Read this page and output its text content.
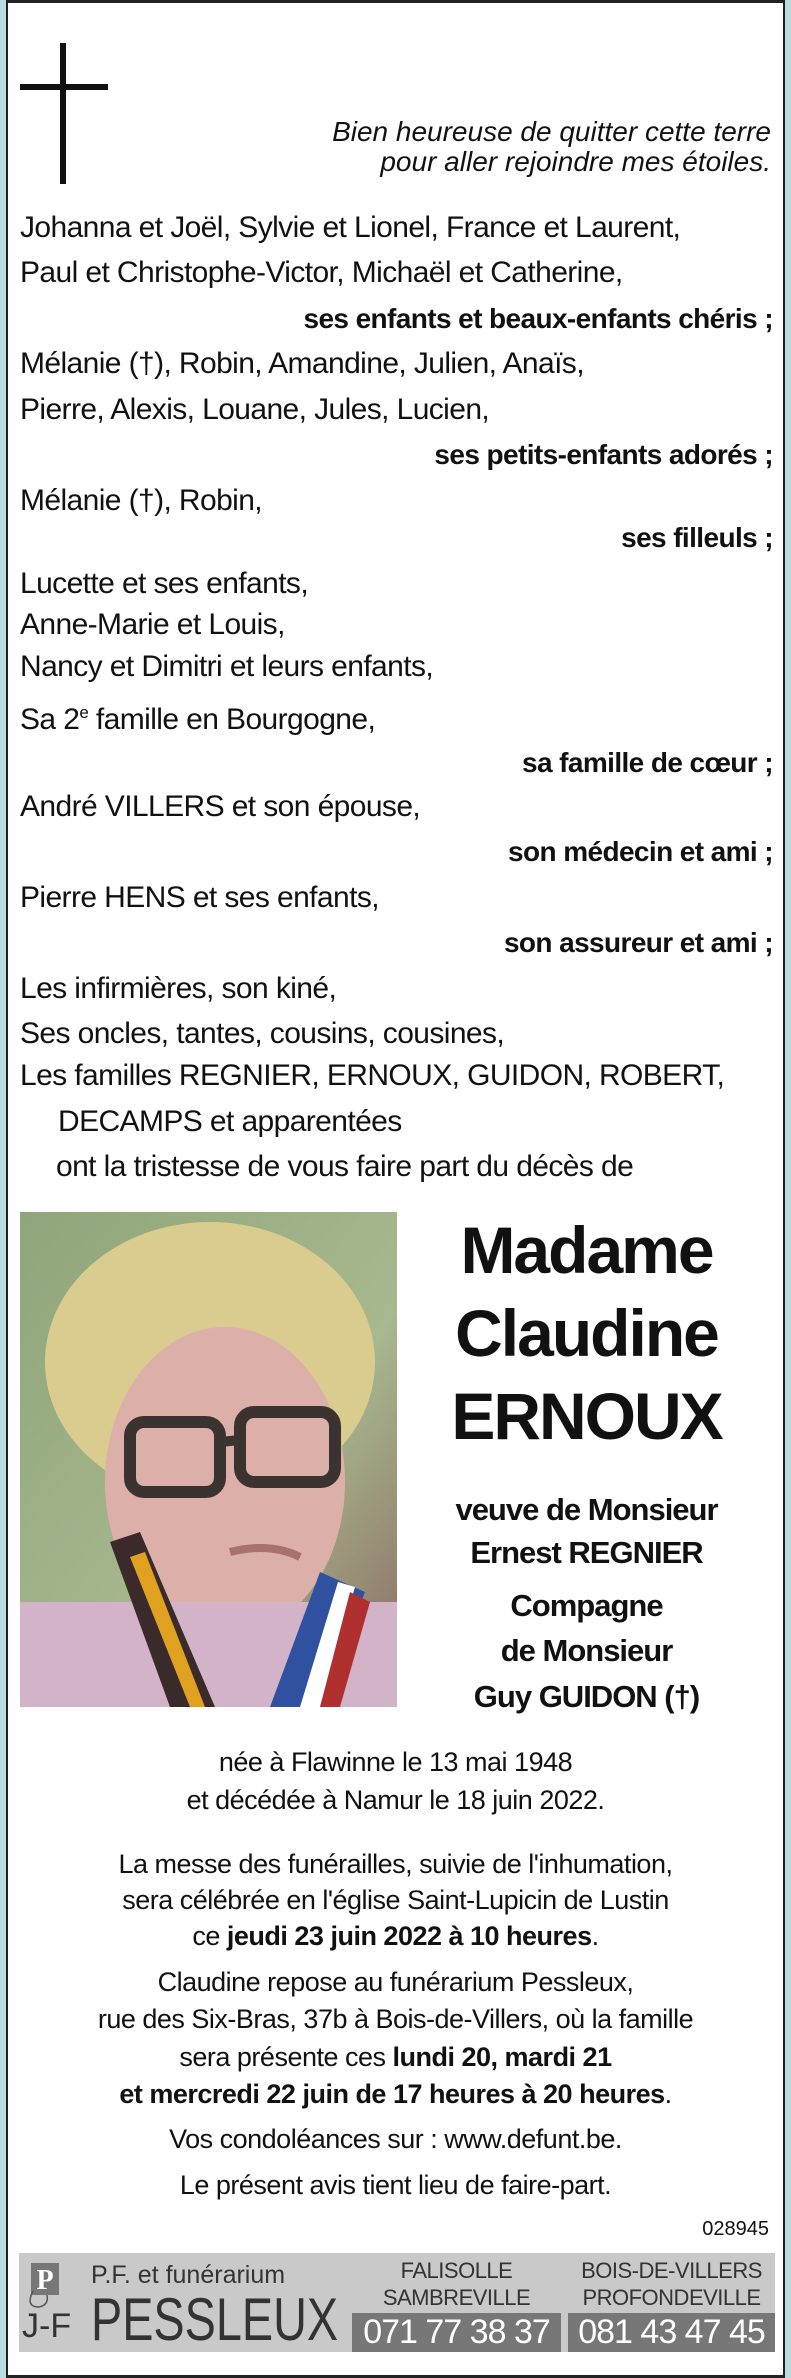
Bien heureuse de quitter cette terre
pour aller rejoindre mes étoiles.
Johanna et Joël, Sylvie et Lionel, France et Laurent,
Paul et Christophe-Victor, Michaël et Catherine,
ses enfants et beaux-enfants chéris ;
Mélanie (†), Robin, Amandine, Julien, Anaïs,
Pierre, Alexis, Louane, Jules, Lucien,
ses petits-enfants adorés ;
Mélanie (†), Robin,
ses filleuls ;
Lucette et ses enfants,
Anne-Marie et Louis,
Nancy et Dimitri et leurs enfants,
Sa 2e famille en Bourgogne,
sa famille de cœur ;
André VILLERS et son épouse,
son médecin et ami ;
Pierre HENS et ses enfants,
son assureur et ami ;
Les infirmières, son kiné,
Ses oncles, tantes, cousins, cousines,
Les familles REGNIER, ERNOUX, GUIDON, ROBERT,
DECAMPS et apparentées
ont la tristesse de vous faire part du décès de
Madame
Claudine
ERNOUX
veuve de Monsieur
Ernest REGNIER
Compagne
de Monsieur
Guy GUIDON (†)
née à Flawinne le 13 mai 1948
et décédée à Namur le 18 juin 2022.
La messe des funérailles, suivie de l'inhumation,
sera célébrée en l'église Saint-Lupicin de Lustin
ce jeudi 23 juin 2022 à 10 heures.
Claudine repose au funérarium Pessleux,
rue des Six-Bras, 37b à Bois-de-Villers, où la famille
sera présente ces lundi 20, mardi 21
et mercredi 22 juin de 17 heures à 20 heures.
Vos condoléances sur : www.defunt.be.
Le présent avis tient lieu de faire-part.
028945
P P.F. et funérarium
J-F PESSLEUX
FALISOLLE
SAMBREVILLE
BOIS-DE-VILLERS
PROFONDEVILLE
071 77 38 37 081 43 47 45
